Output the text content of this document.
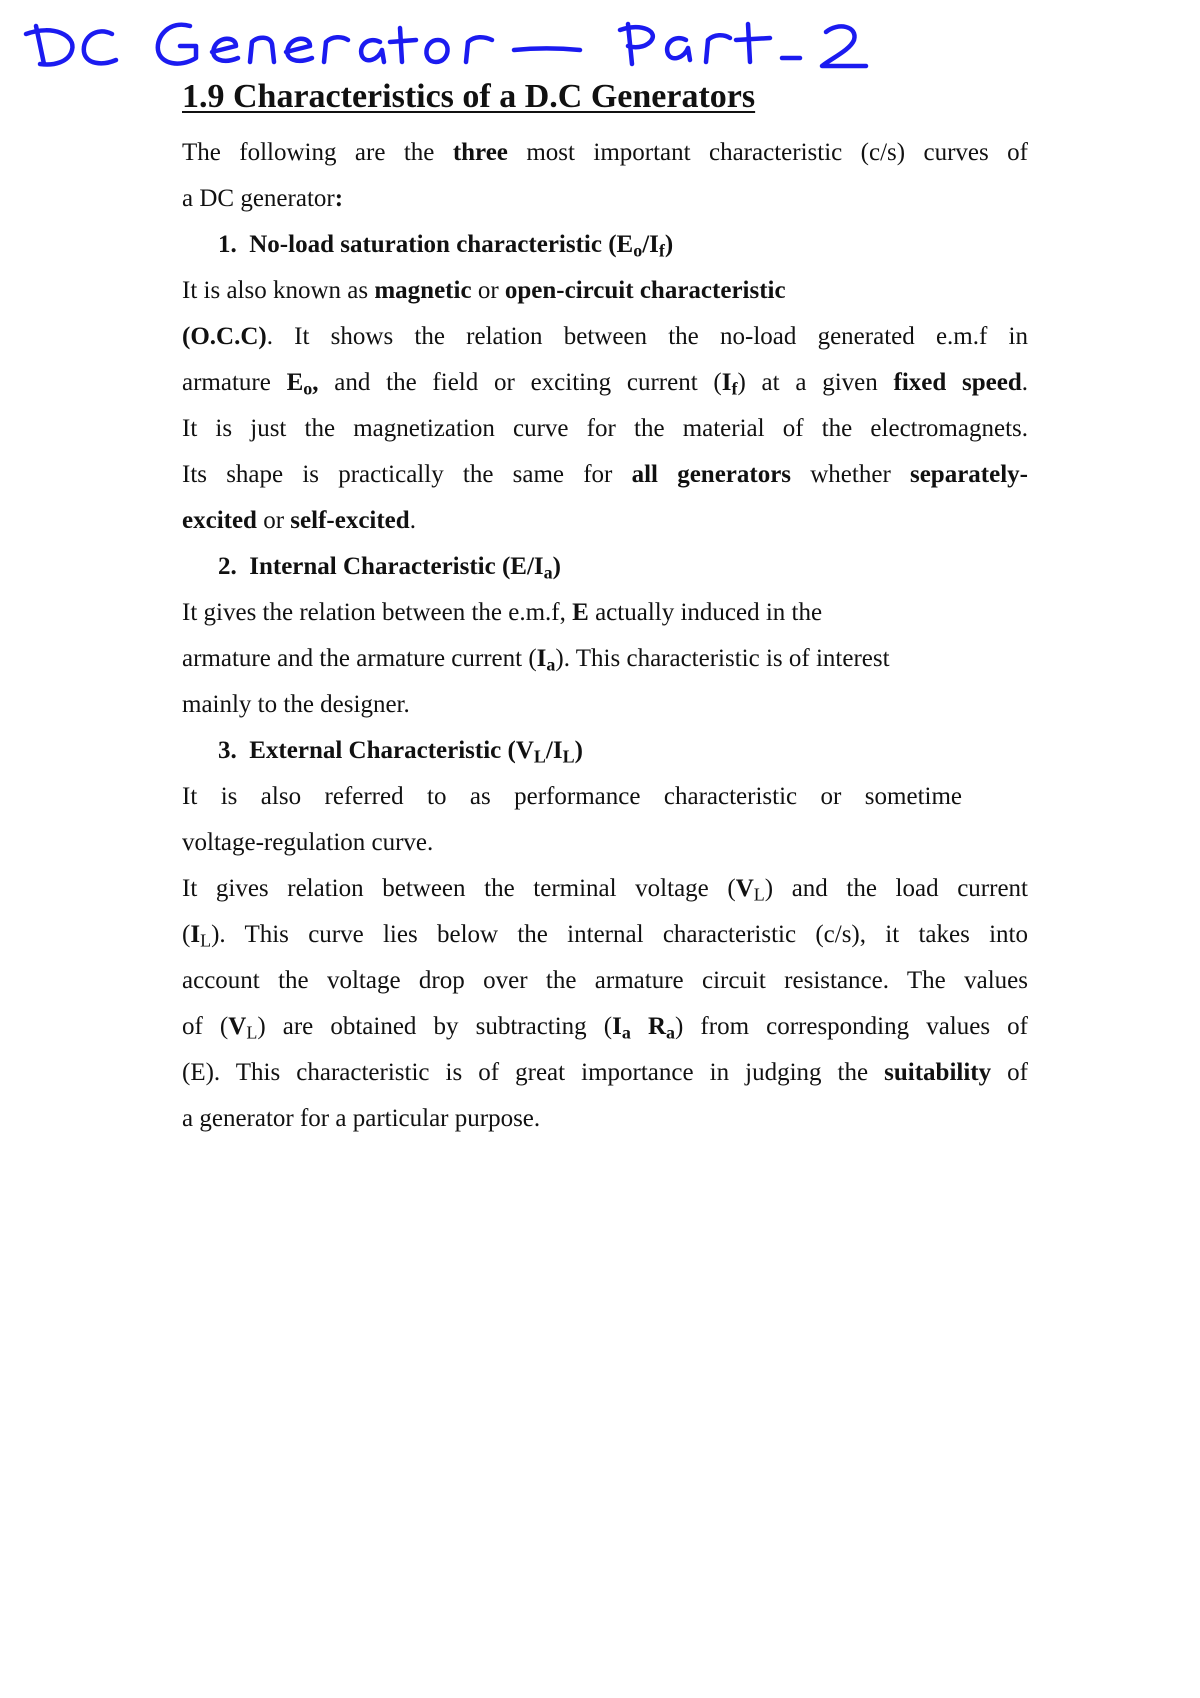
1.9 Characteristics of a D.C Generators

The following are the three most important characteristic (c/s) curves of

a DC generator:

1. No-load saturation characteristic $(E_o/I_f)$

It is also known as magnetic or open-circuit characteristic

(O.C.C). It shows the relation between the no-load generated e.m.f in

armature $E_o$, and the field or exciting current $(I_f)$ at a given fixed speed.

It is just the magnetization curve for the material of the electromagnets.

Its shape is practically the same for all generators whether separately-

excited or self-excited.

2. Internal Characteristic $(E/I_a)$

It gives the relation between the e.m.f, E actually induced in the

armature and the armature current $(I_a)$. This characteristic is of interest

mainly to the designer.

3. External Characteristic $(V_L/I_L)$

It is also referred to as performance characteristic or sometime

voltage-regulation curve.

It gives relation between the terminal voltage $(V_L)$ and the load current

$(I_L)$. This curve lies below the internal characteristic (c/s), it takes into

account the voltage drop over the armature circuit resistance. The values

of $(V_L)$ are obtained by subtracting ($I_a$ $R_a$) from corresponding values of

(E). This characteristic is of great importance in judging the suitability of

a generator for a particular purpose.
